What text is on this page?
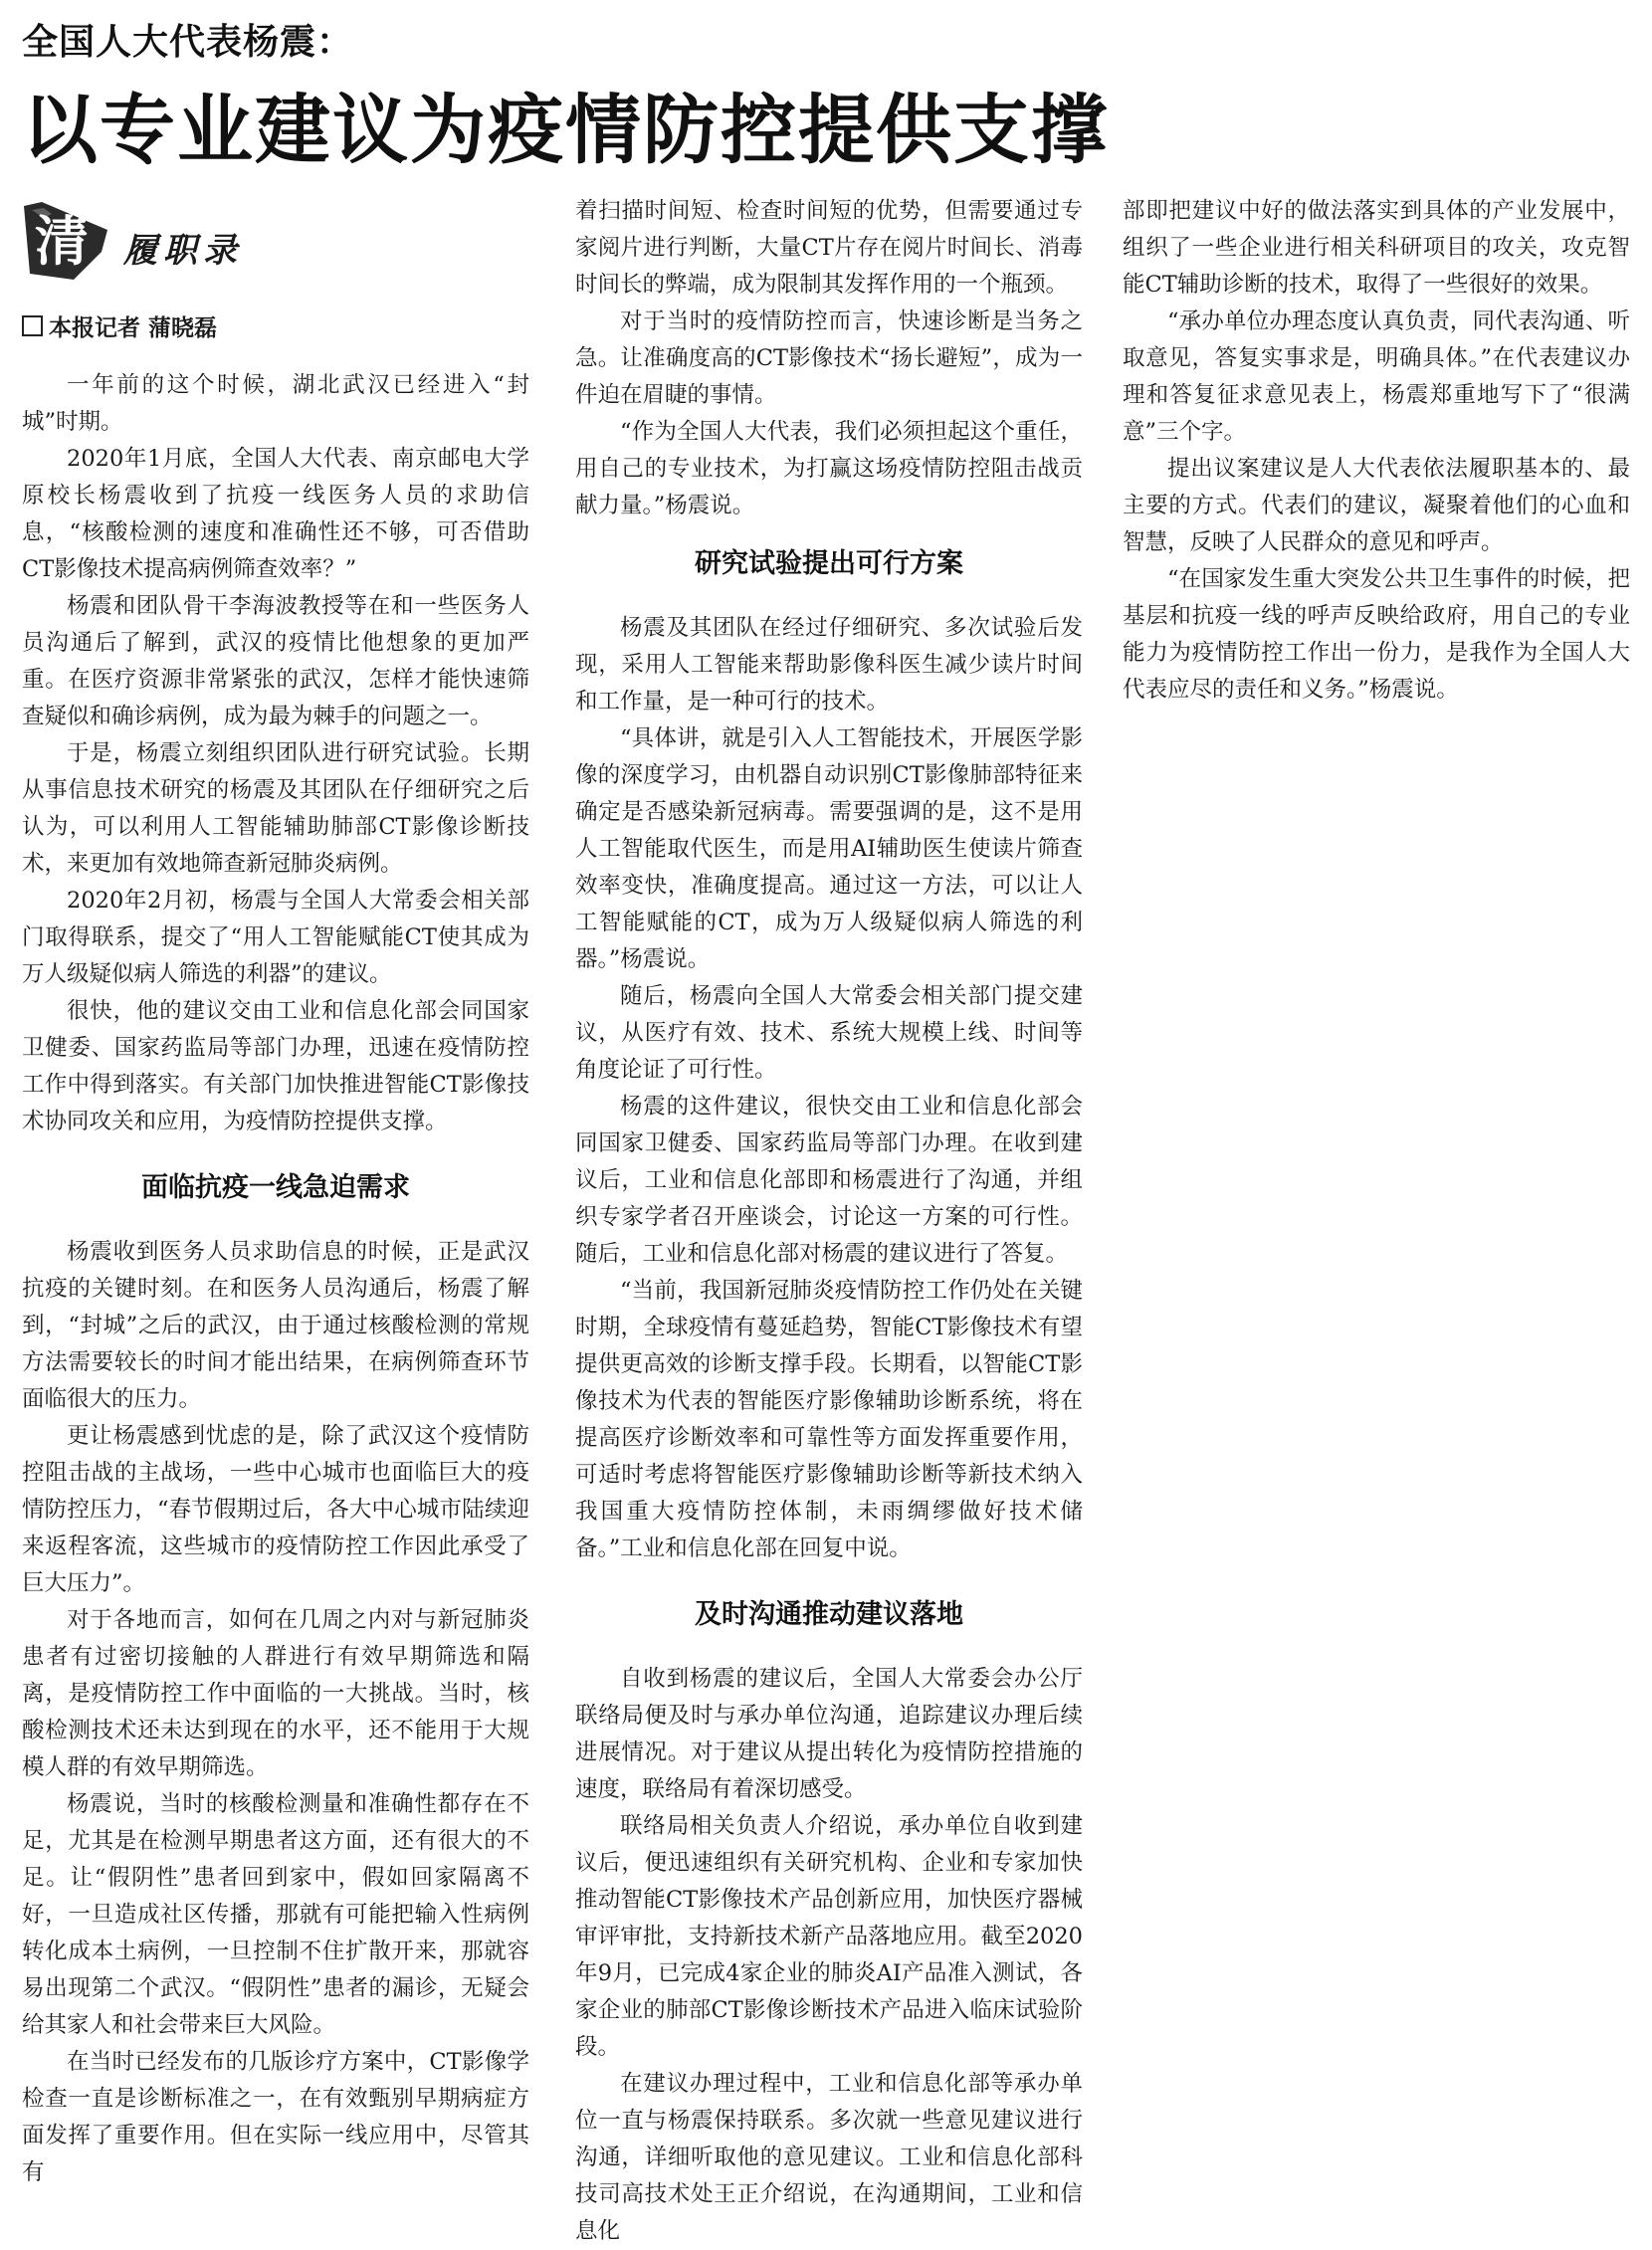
全国人大代表杨震：
以专业建议为疫情防控提供支撑
清 履职录
本报记者 蒲晓磊

一年前的这个时候，湖北武汉已经进入“封城”时期。

2020年1月底，全国人大代表、南京邮电大学原校长杨震收到了抗疫一线医务人员的求助信息，“核酸检测的速度和准确性还不够，可否借助CT影像技术提高病例筛查效率？”

杨震和团队骨干李海波教授等在和一些医务人员沟通后了解到，武汉的疫情比他想象的更加严重。在医疗资源非常紧张的武汉，怎样才能快速筛查疑似和确诊病例，成为最为棘手的问题之一。

于是，杨震立刻组织团队进行研究试验。长期从事信息技术研究的杨震及其团队在仔细研究之后认为，可以利用人工智能辅助肺部CT影像诊断技术，来更加有效地筛查新冠肺炎病例。

2020年2月初，杨震与全国人大常委会相关部门取得联系，提交了“用人工智能赋能CT使其成为万人级疑似病人筛选的利器”的建议。

很快，他的建议交由工业和信息化部会同国家卫健委、国家药监局等部门办理，迅速在疫情防控工作中得到落实。有关部门加快推进智能CT影像技术协同攻关和应用，为疫情防控提供支撑。

面临抗疫一线急迫需求

杨震收到医务人员求助信息的时候，正是武汉抗疫的关键时刻。在和医务人员沟通后，杨震了解到，“封城”之后的武汉，由于通过核酸检测的常规方法需要较长的时间才能出结果，在病例筛查环节面临很大的压力。

更让杨震感到忧虑的是，除了武汉这个疫情防控阻击战的主战场，一些中心城市也面临巨大的疫情防控压力，“春节假期过后，各大中心城市陆续迎来返程客流，这些城市的疫情防控工作因此承受了巨大压力”。

对于各地而言，如何在几周之内对与新冠肺炎患者有过密切接触的人群进行有效早期筛选和隔离，是疫情防控工作中面临的一大挑战。当时，核酸检测技术还未达到现在的水平，还不能用于大规模人群的有效早期筛选。

杨震说，当时的核酸检测量和准确性都存在不足，尤其是在检测早期患者这方面，还有很大的不足。让“假阴性”患者回到家中，假如回家隔离不好，一旦造成社区传播，那就有可能把输入性病例转化成本土病例，一旦控制不住扩散开来，那就容易出现第二个武汉。“假阴性”患者的漏诊，无疑会给其家人和社会带来巨大风险。

在当时已经发布的几版诊疗方案中，CT影像学检查一直是诊断标准之一，在有效甄别早期病症方面发挥了重要作用。但在实际一线应用中，尽管其有

着扫描时间短、检查时间短的优势，但需要通过专家阅片进行判断，大量CT片存在阅片时间长、消毒时间长的弊端，成为限制其发挥作用的一个瓶颈。

对于当时的疫情防控而言，快速诊断是当务之急。让准确度高的CT影像技术“扬长避短”，成为一件迫在眉睫的事情。

“作为全国人大代表，我们必须担起这个重任，用自己的专业技术，为打赢这场疫情防控阻击战贡献力量。”杨震说。

研究试验提出可行方案

杨震及其团队在经过仔细研究、多次试验后发现，采用人工智能来帮助影像科医生减少读片时间和工作量，是一种可行的技术。

“具体讲，就是引入人工智能技术，开展医学影像的深度学习，由机器自动识别CT影像肺部特征来确定是否感染新冠病毒。需要强调的是，这不是用人工智能取代医生，而是用AI辅助医生使读片筛查效率变快，准确度提高。通过这一方法，可以让人工智能赋能的CT，成为万人级疑似病人筛选的利器。”杨震说。

随后，杨震向全国人大常委会相关部门提交建议，从医疗有效、技术、系统大规模上线、时间等角度论证了可行性。

杨震的这件建议，很快交由工业和信息化部会同国家卫健委、国家药监局等部门办理。在收到建议后，工业和信息化部即和杨震进行了沟通，并组织专家学者召开座谈会，讨论这一方案的可行性。随后，工业和信息化部对杨震的建议进行了答复。

“当前，我国新冠肺炎疫情防控工作仍处在关键时期，全球疫情有蔓延趋势，智能CT影像技术有望提供更高效的诊断支撑手段。长期看，以智能CT影像技术为代表的智能医疗影像辅助诊断系统，将在提高医疗诊断效率和可靠性等方面发挥重要作用，可适时考虑将智能医疗影像辅助诊断等新技术纳入我国重大疫情防控体制，未雨绸缪做好技术储备。”工业和信息化部在回复中说。

及时沟通推动建议落地

自收到杨震的建议后，全国人大常委会办公厅联络局便及时与承办单位沟通，追踪建议办理后续进展情况。对于建议从提出转化为疫情防控措施的速度，联络局有着深切感受。

联络局相关负责人介绍说，承办单位自收到建议后，便迅速组织有关研究机构、企业和专家加快推动智能CT影像技术产品创新应用，加快医疗器械审评审批，支持新技术新产品落地应用。截至2020年9月，已完成4家企业的肺炎AI产品准入测试，各家企业的肺部CT影像诊断技术产品进入临床试验阶段。

在建议办理过程中，工业和信息化部等承办单位一直与杨震保持联系。多次就一些意见建议进行沟通，详细听取他的意见建议。工业和信息化部科技司高技术处王正介绍说，在沟通期间，工业和信息化

部即把建议中好的做法落实到具体的产业发展中，组织了一些企业进行相关科研项目的攻关，攻克智能CT辅助诊断的技术，取得了一些很好的效果。

“承办单位办理态度认真负责，同代表沟通、听取意见，答复实事求是，明确具体。”在代表建议办理和答复征求意见表上，杨震郑重地写下了“很满意”三个字。

提出议案建议是人大代表依法履职基本的、最主要的方式。代表们的建议，凝聚着他们的心血和智慧，反映了人民群众的意见和呼声。

“在国家发生重大突发公共卫生事件的时候，把基层和抗疫一线的呼声反映给政府，用自己的专业能力为疫情防控工作出一份力，是我作为全国人大代表应尽的责任和义务。”杨震说。
